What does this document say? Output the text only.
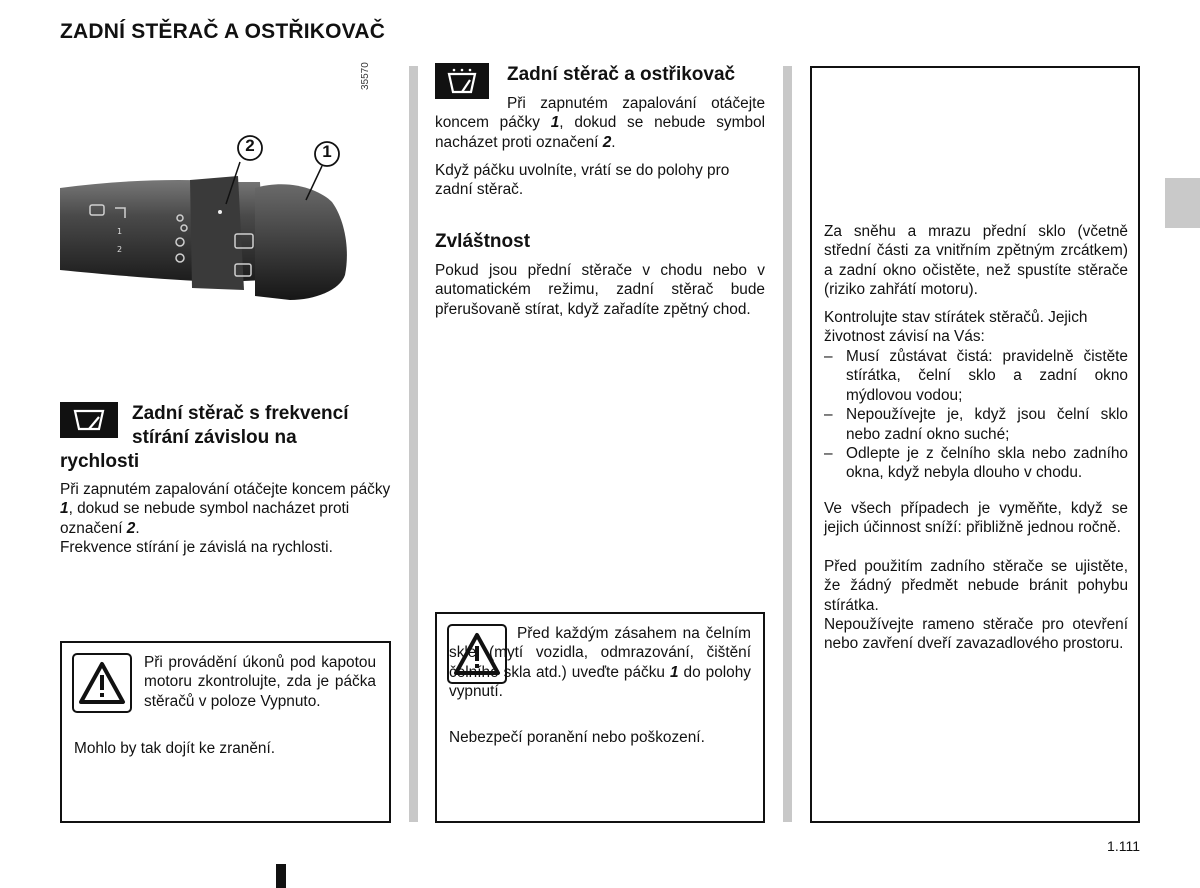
ZADNÍ STĚRAČ A OSTŘIKOVAČ
35570
1
2
2	1
Zadní stěrač s frekvencí
stírání závislou na
rychlosti
Při zapnutém zapalování otáčejte koncem páčky 1, dokud se nebude symbol nacházet proti označení 2.
Frekvence stírání je závislá na rychlosti.
Při provádění úkonů pod kapotou motoru zkontrolujte, zda je páčka stěračů v poloze Vypnuto.
Mohlo by tak dojít ke zranění.
Zadní stěrač a ostřikovač
Při zapnutém zapalování otáčejte koncem páčky 1, dokud se nebude symbol nacházet proti označení 2.
Když páčku uvolníte, vrátí se do polohy pro zadní stěrač.
Zvláštnost
Pokud jsou přední stěrače v chodu nebo v automatickém režimu, zadní stěrač bude přerušovaně stírat, když zařadíte zpětný chod.
Před každým zásahem na čelním skle (mytí vozidla, odmrazování, čištění čelního skla atd.) uveďte páčku 1 do polohy vypnutí.
Nebezpečí poranění nebo poškození.
Za sněhu a mrazu přední sklo (včetně střední části za vnitřním zpětným zrcátkem) a zadní okno očistěte, než spustíte stěrače (riziko zahřátí motoru).
Kontrolujte stav stírátek stěračů. Jejich životnost závisí na Vás:
– Musí zůstávat čistá: pravidelně čistěte stírátka, čelní sklo a zadní okno mýdlovou vodou;
– Nepoužívejte je, když jsou čelní sklo nebo zadní okno suché;
– Odlepte je z čelního skla nebo zadního okna, když nebyla dlouho v chodu.
Ve všech případech je vyměňte, když se jejich účinnost sníží: přibližně jednou ročně.
Před použitím zadního stěrače se ujistěte, že žádný předmět nebude bránit pohybu stírátka.
Nepoužívejte rameno stěrače pro otevření nebo zavření dveří zavazadlového prostoru.
1.111
